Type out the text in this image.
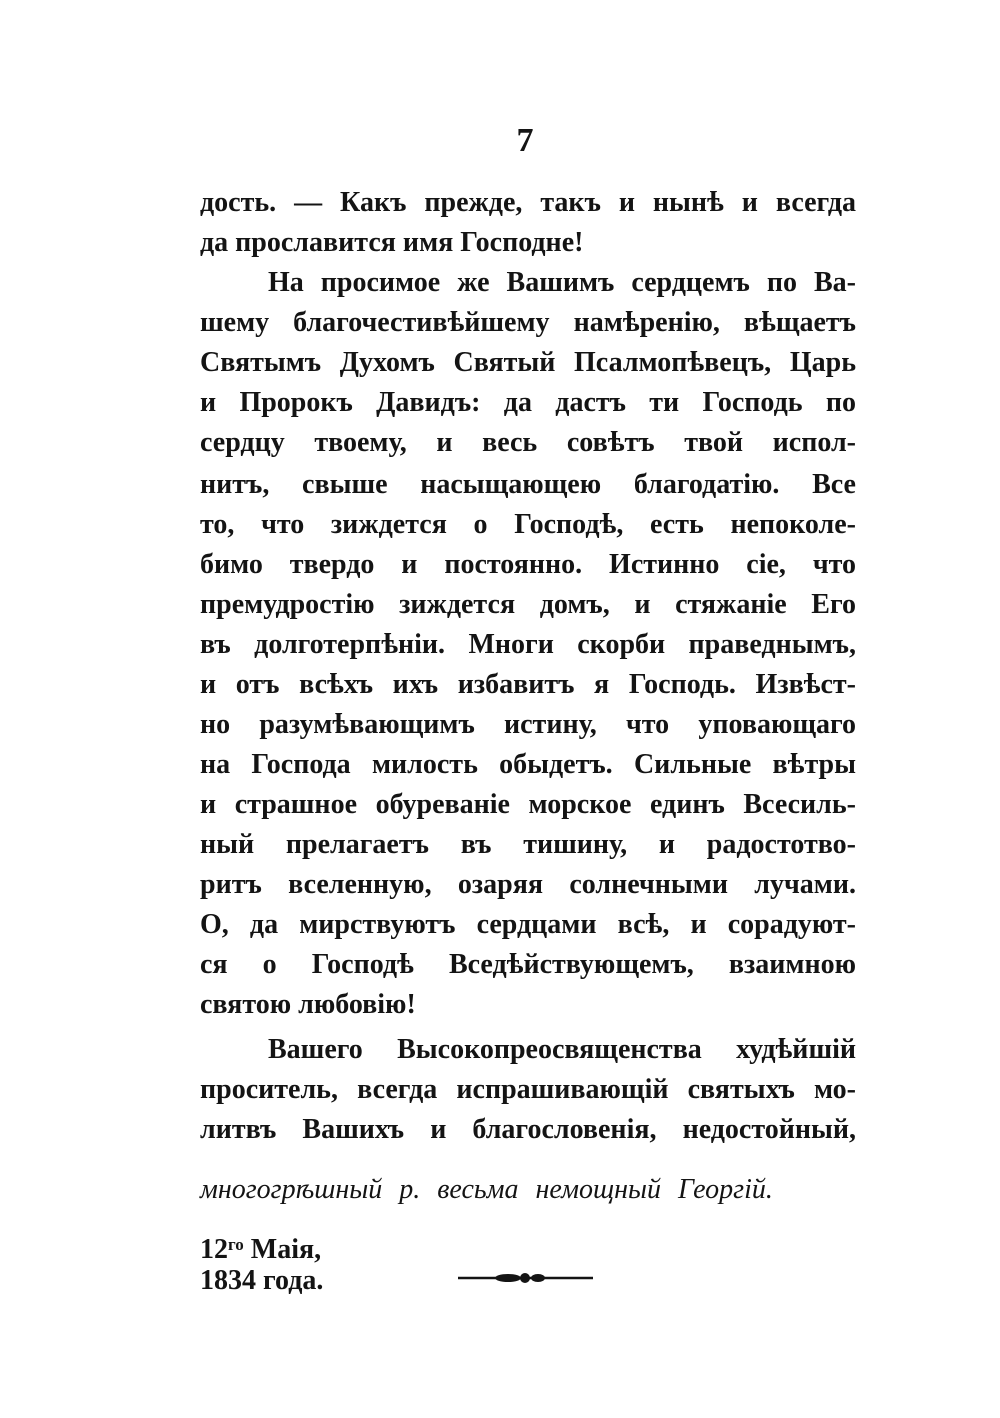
7
дость. — Какъ прежде, такъ и нынѣ и всегда
да прославится имя Господне!
На просимое же Вашимъ сердцемъ по Ва-
шему благочестивѣйшему намѣренію, вѣщаетъ
Святымъ Духомъ Святый Псалмопѣвецъ, Царь
и Пророкъ Давидъ: да дастъ ти Господь по
сердцу твоему, и весь совѣтъ твой испол-
нитъ, свыше насыщающею благодатію. Все
то, что зиждется о Господѣ, есть непоколе-
бимо твердо и постоянно. Истинно сіе, что
премудростію зиждется домъ, и стяжаніе Его
въ долготерпѣніи. Многи скорби праведнымъ,
и отъ всѣхъ ихъ избавитъ я Господь. Извѣст-
но разумѣвающимъ истину, что уповающаго
на Господа милость обыдетъ. Сильные вѣтры
и страшное обуреваніе морское единъ Всесиль-
ный прелагаетъ въ тишину, и радостотво-
ритъ вселенную, озаряя солнечными лучами.
О, да мирствуютъ сердцами всѣ, и сорадуют-
ся о Господѣ Вседѣйствующемъ, взаимною
святою любовію!
Вашего Высокопреосвященства худѣйшій
проситель, всегда испрашивающій святыхъ мо-
литвъ Вашихъ и благословенія, недостойный,
многогрѣшный р. весьма немощный Георгій.
$12^{го}$ Маія,
1834 года.
